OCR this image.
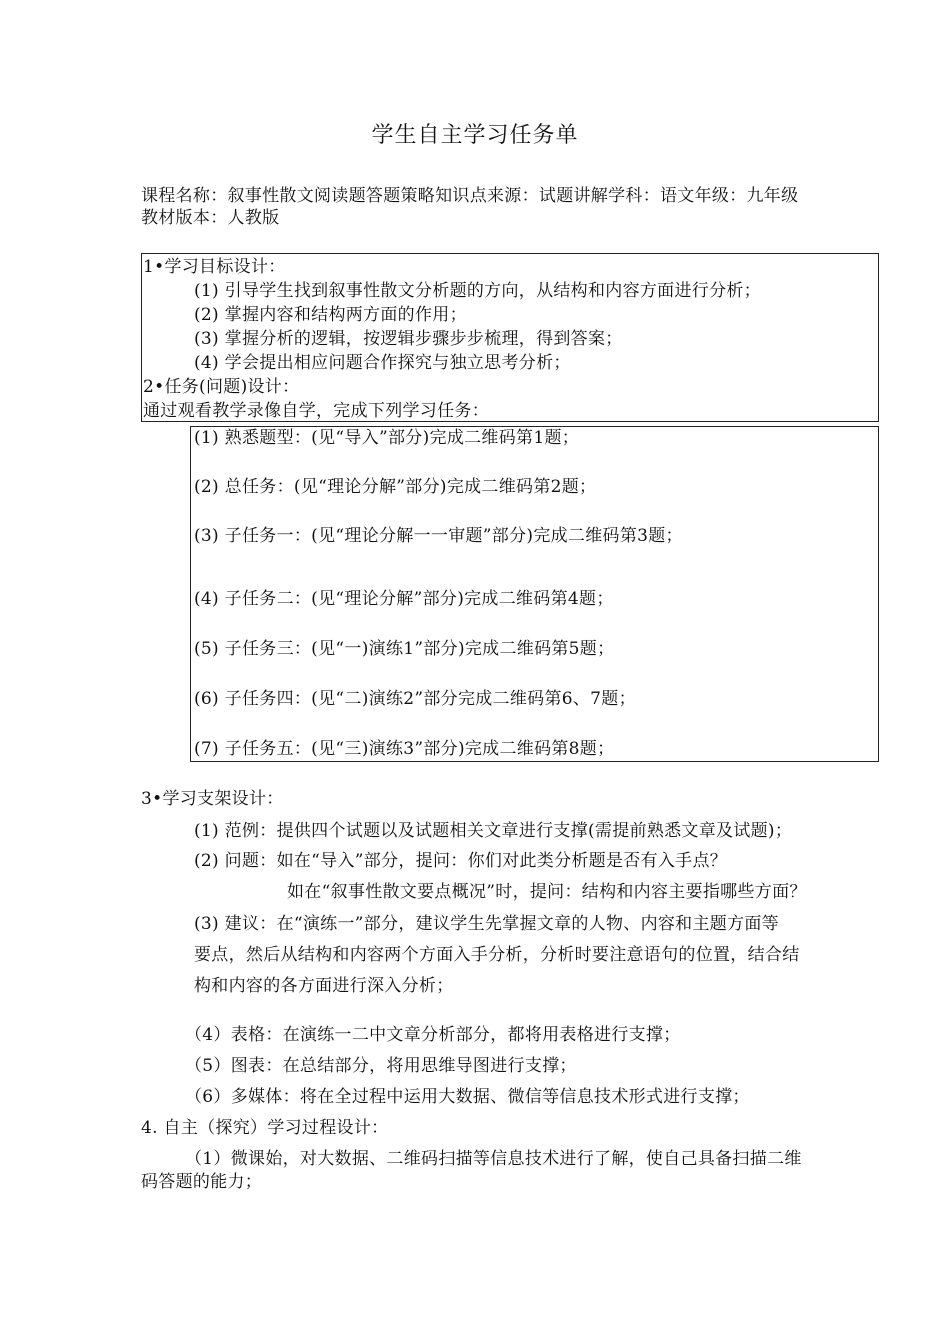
学生自主学习任务单
课程名称：叙事性散文阅读题答题策略知识点来源：试题讲解学科：语文年级：九年级
教材版本：人教版
1•学习目标设计：
(1) 引导学生找到叙事性散文分析题的方向，从结构和内容方面进行分析；
(2) 掌握内容和结构两方面的作用；
(3) 掌握分析的逻辑，按逻辑步骤步步梳理，得到答案；
(4) 学会提出相应问题合作探究与独立思考分析；
2•任务(问题)设计：
通过观看教学录像自学，完成下列学习任务：
(1) 熟悉题型：(见“导入”部分)完成二维码第1题；
(2) 总任务：(见“理论分解”部分)完成二维码第2题；
(3) 子任务一：(见“理论分解一一审题”部分)完成二维码第3题；
(4) 子任务二：(见“理论分解”部分)完成二维码第4题；
(5) 子任务三：(见“一)演练1”部分)完成二维码第5题；
(6) 子任务四：(见“二)演练2”部分完成二维码第6、7题；
(7) 子任务五：(见“三)演练3”部分)完成二维码第8题；
3•学习支架设计：
(1) 范例：提供四个试题以及试题相关文章进行支撑(需提前熟悉文章及试题)；
(2) 问题：如在“导入”部分，提问：你们对此类分析题是否有入手点？
如在“叙事性散文要点概况”时，提问：结构和内容主要指哪些方面？
(3) 建议：在“演练一”部分，建议学生先掌握文章的人物、内容和主题方面等
要点，然后从结构和内容两个方面入手分析，分析时要注意语句的位置，结合结
构和内容的各方面进行深入分析；
（4）表格：在演练一二中文章分析部分，都将用表格进行支撑；
（5）图表：在总结部分，将用思维导图进行支撑；
（6）多媒体：将在全过程中运用大数据、微信等信息技术形式进行支撑；
4. 自主（探究）学习过程设计：
（1）微课始，对大数据、二维码扫描等信息技术进行了解，使自己具备扫描二维
码答题的能力；
